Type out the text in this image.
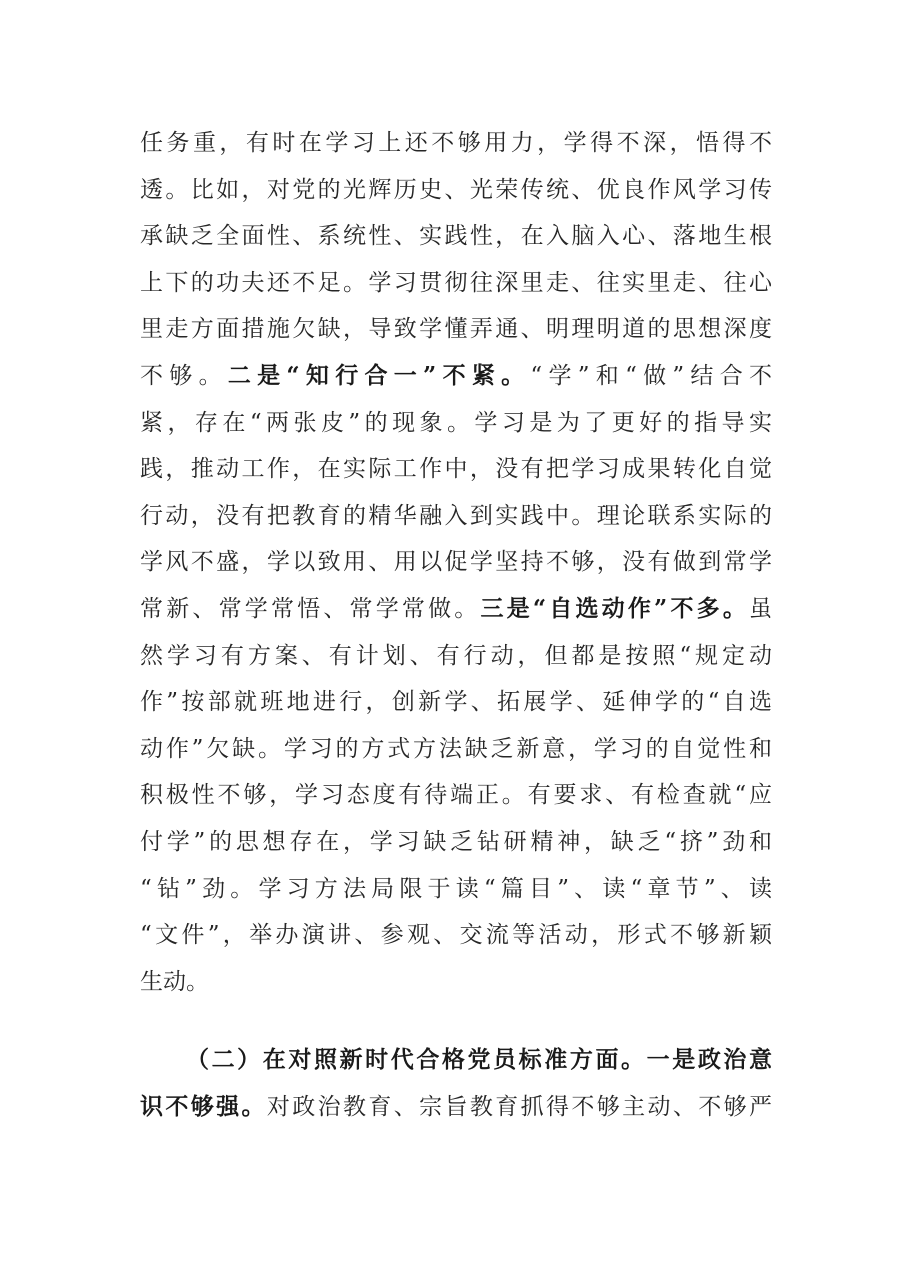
任务重，有时在学习上还不够用力，学得不深，悟得不
透。比如，对党的光辉历史、光荣传统、优良作风学习传
承缺乏全面性、系统性、实践性，在入脑入心、落地生根
上下的功夫还不足。学习贯彻往深里走、往实里走、往心
里走方面措施欠缺，导致学懂弄通、明理明道的思想深度
不够。二是“知行合一”不紧。“学”和“做”结合不
紧，存在“两张皮”的现象。学习是为了更好的指导实
践，推动工作，在实际工作中，没有把学习成果转化自觉
行动，没有把教育的精华融入到实践中。理论联系实际的
学风不盛，学以致用、用以促学坚持不够，没有做到常学
常新、常学常悟、常学常做。三是“自选动作”不多。虽
然学习有方案、有计划、有行动，但都是按照“规定动
作”按部就班地进行，创新学、拓展学、延伸学的“自选
动作”欠缺。学习的方式方法缺乏新意，学习的自觉性和
积极性不够，学习态度有待端正。有要求、有检查就“应
付学”的思想存在，学习缺乏钻研精神，缺乏“挤”劲和
“钻”劲。学习方法局限于读“篇目”、读“章节”、读
“文件”，举办演讲、参观、交流等活动，形式不够新颖
生动。
（二）在对照新时代合格党员标准方面。一是政治意
识不够强。对政治教育、宗旨教育抓得不够主动、不够严
